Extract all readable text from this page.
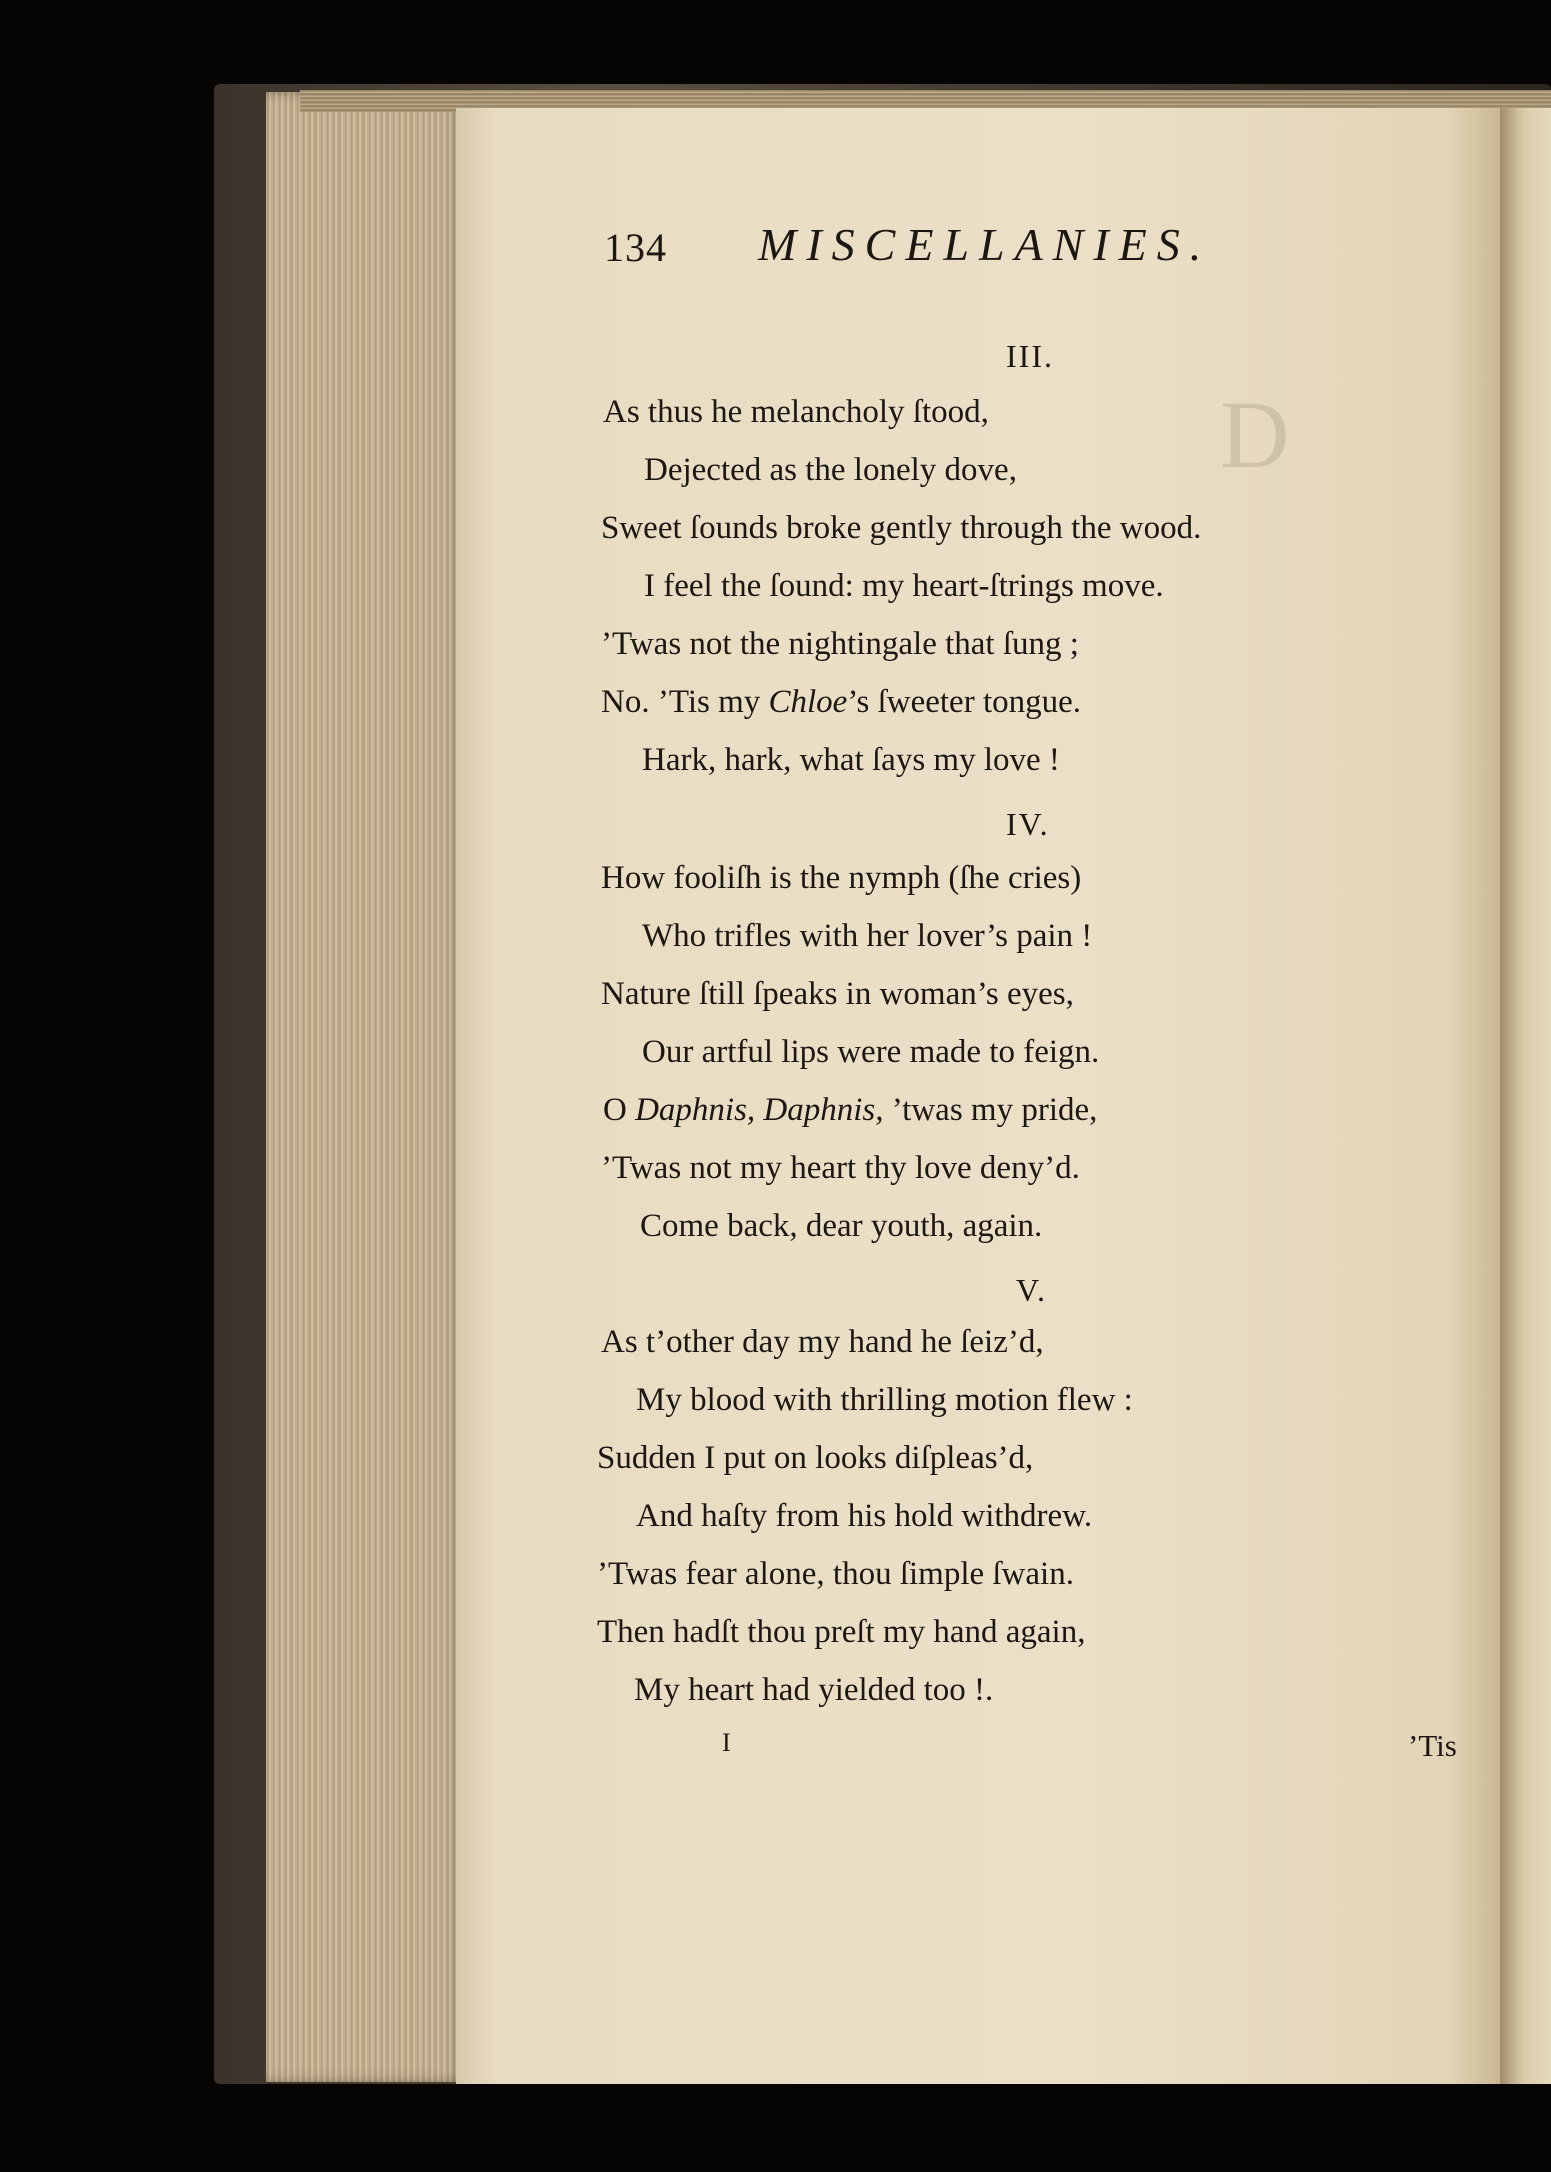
134 MISCELLANIES.
III.
As thus he melancholy ſtood,
Dejected as the lonely dove,
Sweet ſounds broke gently through the wood.
I feel the ſound: my heart-ſtrings move.
’Twas not the nightingale that ſung ;
No. ’Tis my Chloe’s ſweeter tongue.
Hark, hark, what ſays my love !
IV.
How fooliſh is the nymph (ſhe cries)
Who trifles with her lover’s pain !
Nature ſtill ſpeaks in woman’s eyes,
Our artful lips were made to feign.
O Daphnis, Daphnis, ’twas my pride,
’Twas not my heart thy love deny’d.
Come back, dear youth, again.
V.
As t’other day my hand he ſeiz’d,
My blood with thrilling motion flew :
Sudden I put on looks diſpleas’d,
And haſty from his hold withdrew.
’Twas fear alone, thou ſimple ſwain.
Then hadſt thou preſt my hand again,
My heart had yielded too !.
I	’Tis
